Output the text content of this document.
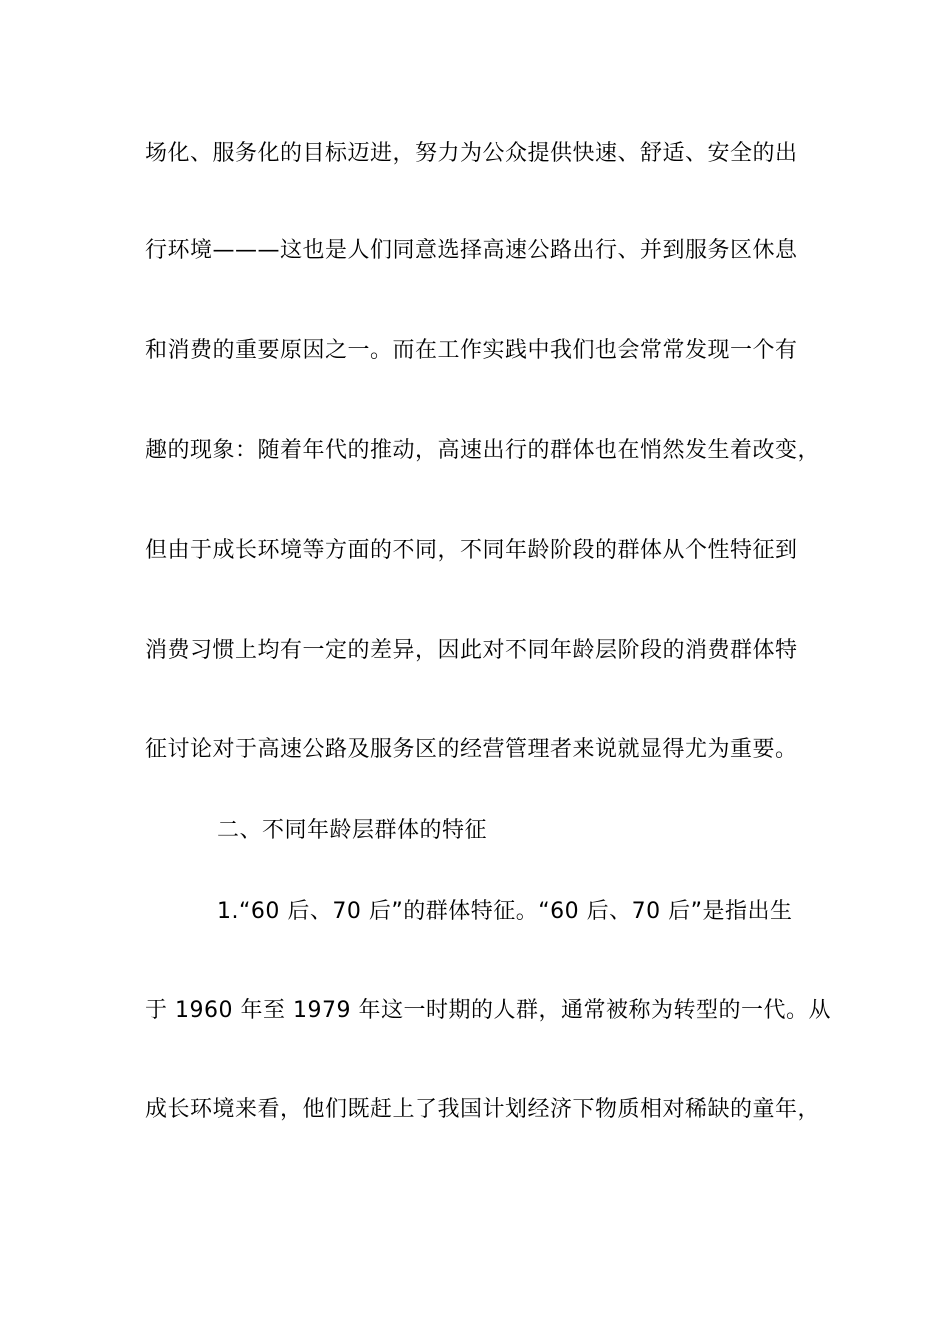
场化、服务化的目标迈进，努力为公众提供快速、舒适、安全的出
行环境———这也是人们同意选择高速公路出行、并到服务区休息
和消费的重要原因之一。而在工作实践中我们也会常常发现一个有
趣的现象：随着年代的推动，高速出行的群体也在悄然发生着改变，
但由于成长环境等方面的不同，不同年龄阶段的群体从个性特征到
消费习惯上均有一定的差异，因此对不同年龄层阶段的消费群体特
征讨论对于高速公路及服务区的经营管理者来说就显得尤为重要。
二、不同年龄层群体的特征
1.“60 后、70 后”的群体特征。“60 后、70 后”是指出生
于 1960 年至 1979 年这一时期的人群，通常被称为转型的一代。从
成长环境来看，他们既赶上了我国计划经济下物质相对稀缺的童年，
